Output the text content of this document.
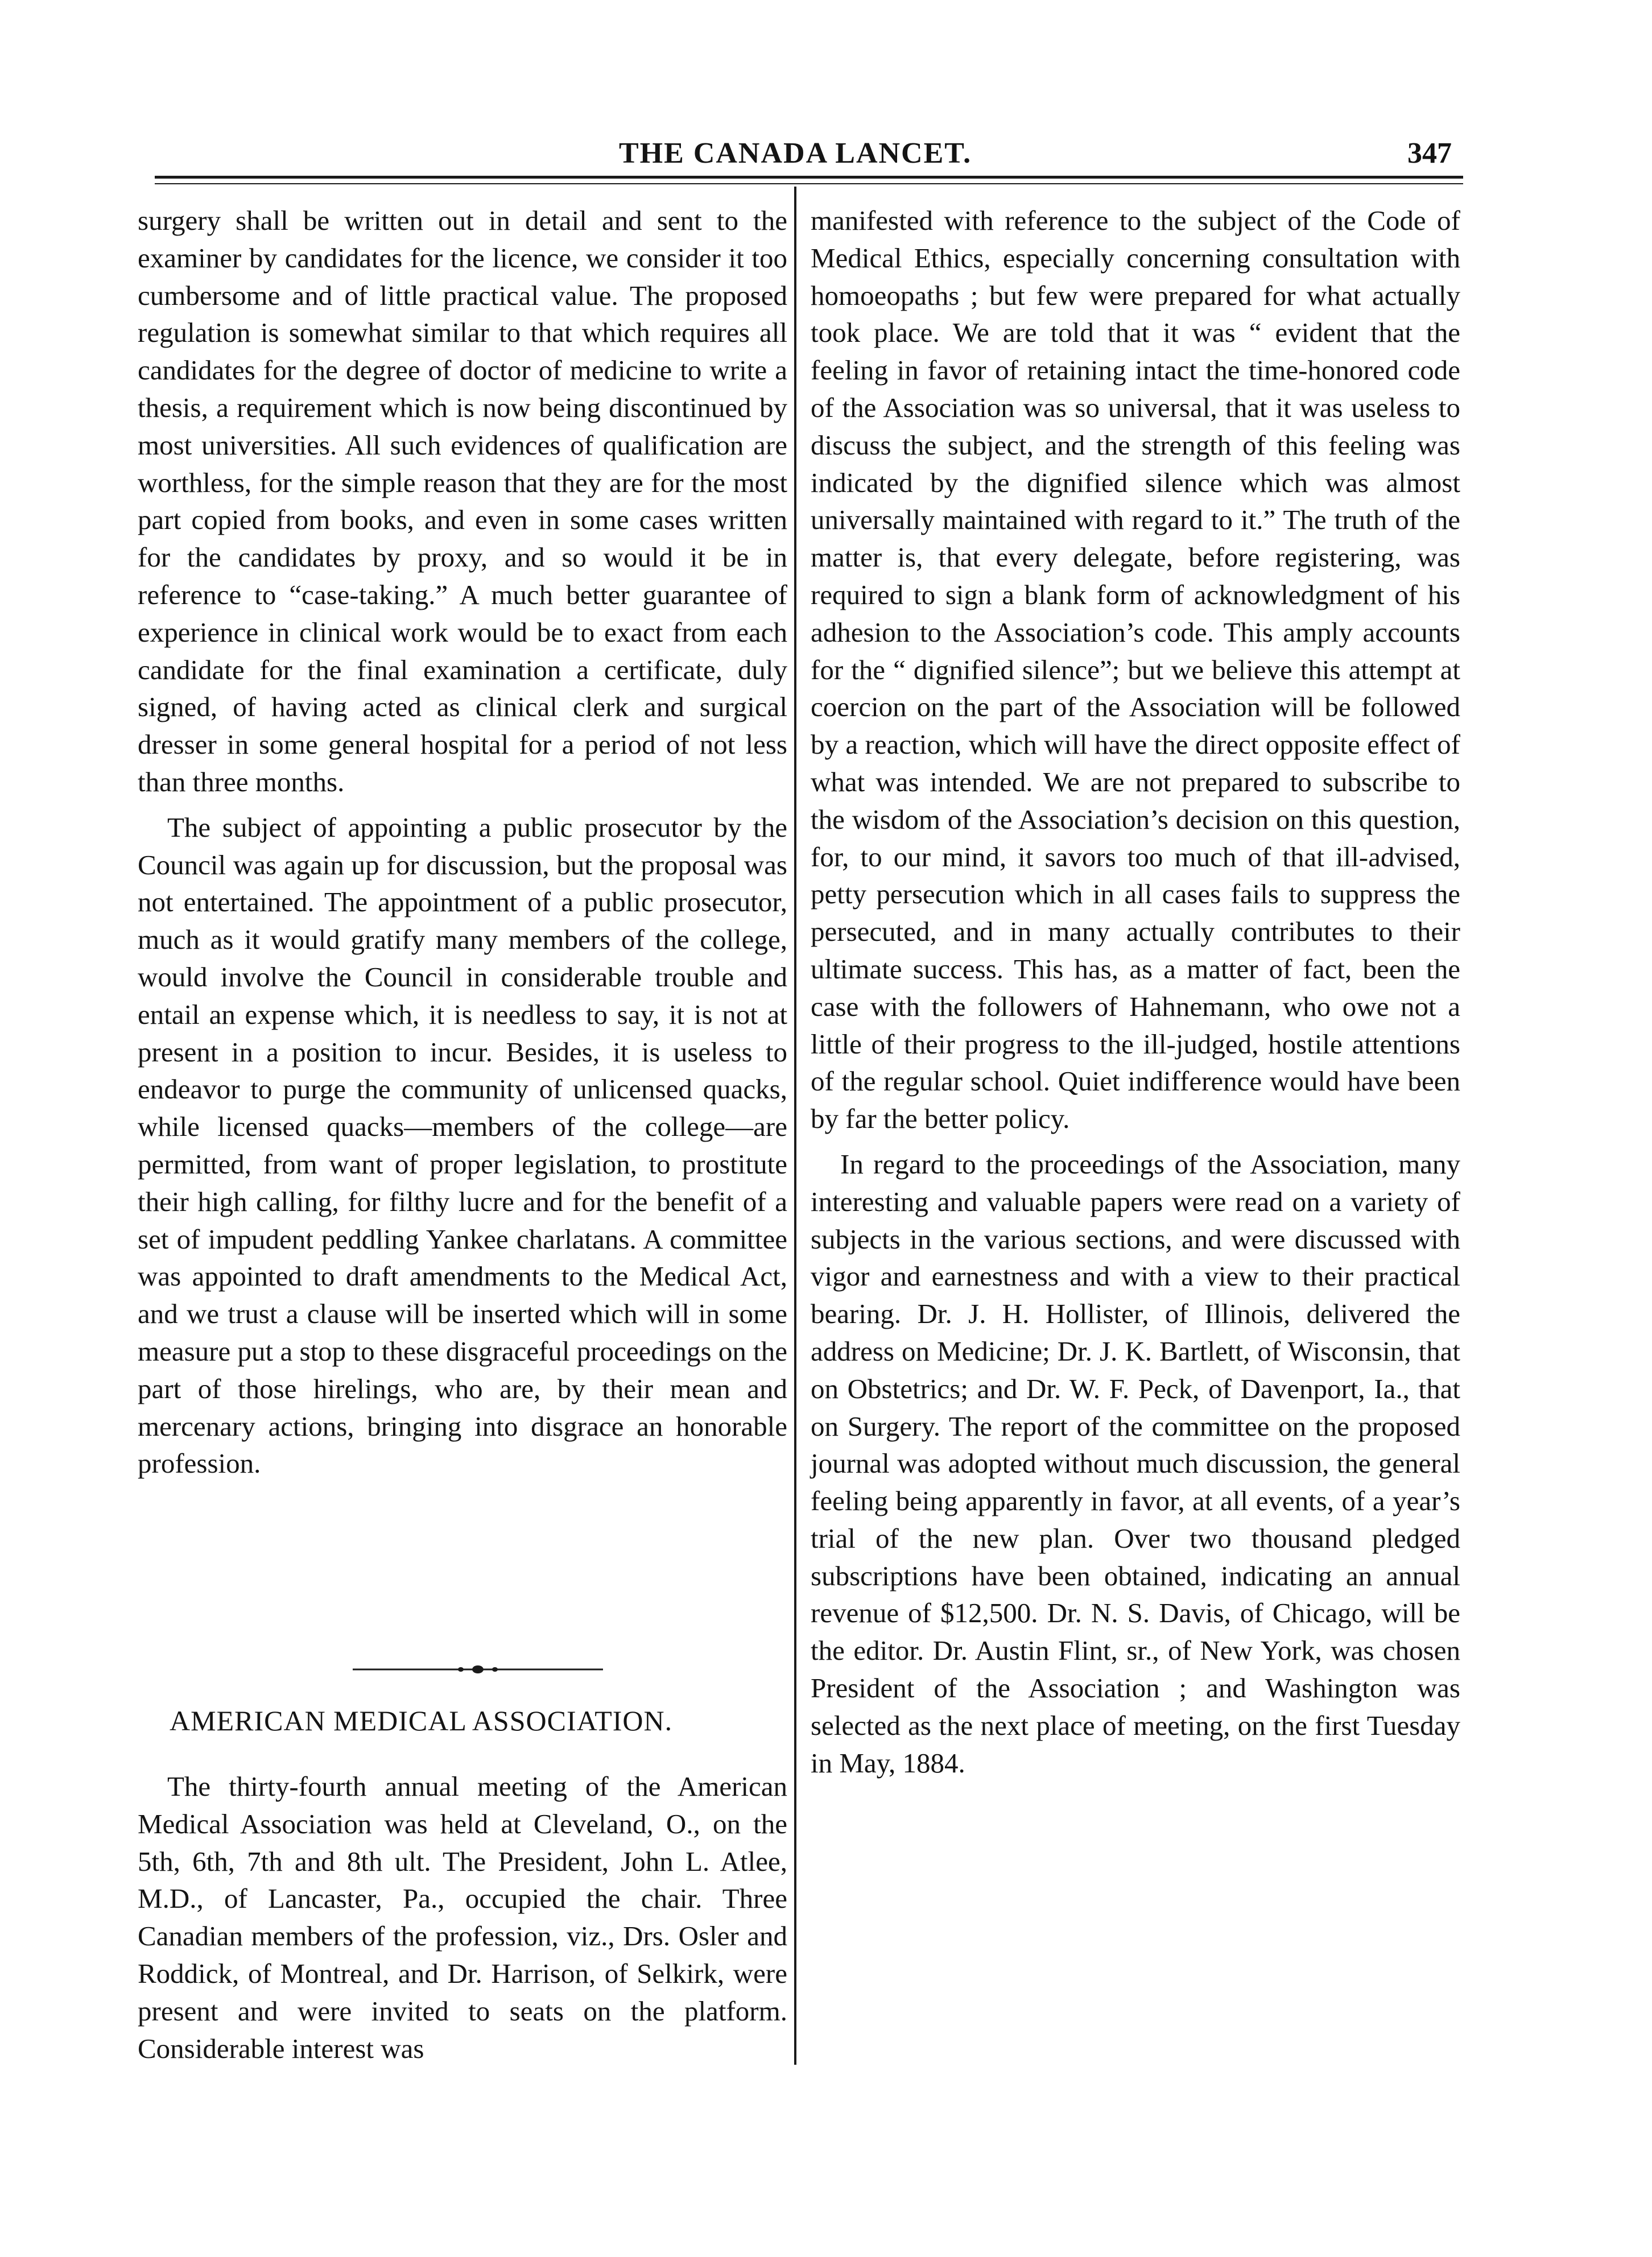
THE CANADA LANCET.	347

surgery shall be written out in detail and sent to the examiner by candidates for the licence, we consider it too cumbersome and of little practical value. The proposed regulation is somewhat similar to that which requires all candidates for the degree of doctor of medicine to write a thesis, a requirement which is now being discontinued by most universities. All such evidences of qualification are worthless, for the simple reason that they are for the most part copied from books, and even in some cases written for the candidates by proxy, and so would it be in reference to “case-taking.” A much better guarantee of experience in clinical work would be to exact from each candidate for the final examination a certificate, duly signed, of having acted as clinical clerk and surgical dresser in some general hospital for a period of not less than three months.

The subject of appointing a public prosecutor by the Council was again up for discussion, but the proposal was not entertained. The appointment of a public prosecutor, much as it would gratify many members of the college, would involve the Council in considerable trouble and entail an expense which, it is needless to say, it is not at present in a position to incur. Besides, it is useless to endeavor to purge the community of unlicensed quacks, while licensed quacks—members of the college—are permitted, from want of proper legislation, to prostitute their high calling, for filthy lucre and for the benefit of a set of impudent peddling Yankee charlatans. A committee was appointed to draft amendments to the Medical Act, and we trust a clause will be inserted which will in some measure put a stop to these disgraceful proceedings on the part of those hirelings, who are, by their mean and mercenary actions, bringing into disgrace an honorable profession.

AMERICAN MEDICAL ASSOCIATION.

The thirty-fourth annual meeting of the American Medical Association was held at Cleveland, O., on the 5th, 6th, 7th and 8th ult. The President, John L. Atlee, M.D., of Lancaster, Pa., occupied the chair. Three Canadian members of the profession, viz., Drs. Osler and Roddick, of Montreal, and Dr. Harrison, of Selkirk, were present and were invited to seats on the platform. Considerable interest was

manifested with reference to the subject of the Code of Medical Ethics, especially concerning consultation with homoeopaths ; but few were prepared for what actually took place. We are told that it was “ evident that the feeling in favor of retaining intact the time-honored code of the Association was so universal, that it was useless to discuss the subject, and the strength of this feeling was indicated by the dignified silence which was almost universally maintained with regard to it.” The truth of the matter is, that every delegate, before registering, was required to sign a blank form of acknowledgment of his adhesion to the Association’s code. This amply accounts for the “ dignified silence”; but we believe this attempt at coercion on the part of the Association will be followed by a reaction, which will have the direct opposite effect of what was intended. We are not prepared to subscribe to the wisdom of the Association’s decision on this question, for, to our mind, it savors too much of that ill-advised, petty persecution which in all cases fails to suppress the persecuted, and in many actually contributes to their ultimate success. This has, as a matter of fact, been the case with the followers of Hahnemann, who owe not a little of their progress to the ill-judged, hostile attentions of the regular school. Quiet indifference would have been by far the better policy.

In regard to the proceedings of the Association, many interesting and valuable papers were read on a variety of subjects in the various sections, and were discussed with vigor and earnestness and with a view to their practical bearing. Dr. J. H. Hollister, of Illinois, delivered the address on Medicine; Dr. J. K. Bartlett, of Wisconsin, that on Obstetrics; and Dr. W. F. Peck, of Davenport, Ia., that on Surgery. The report of the committee on the proposed journal was adopted without much discussion, the general feeling being apparently in favor, at all events, of a year’s trial of the new plan. Over two thousand pledged subscriptions have been obtained, indicating an annual revenue of $12,500. Dr. N. S. Davis, of Chicago, will be the editor. Dr. Austin Flint, sr., of New York, was chosen President of the Association ; and Washington was selected as the next place of meeting, on the first Tuesday in May, 1884.
